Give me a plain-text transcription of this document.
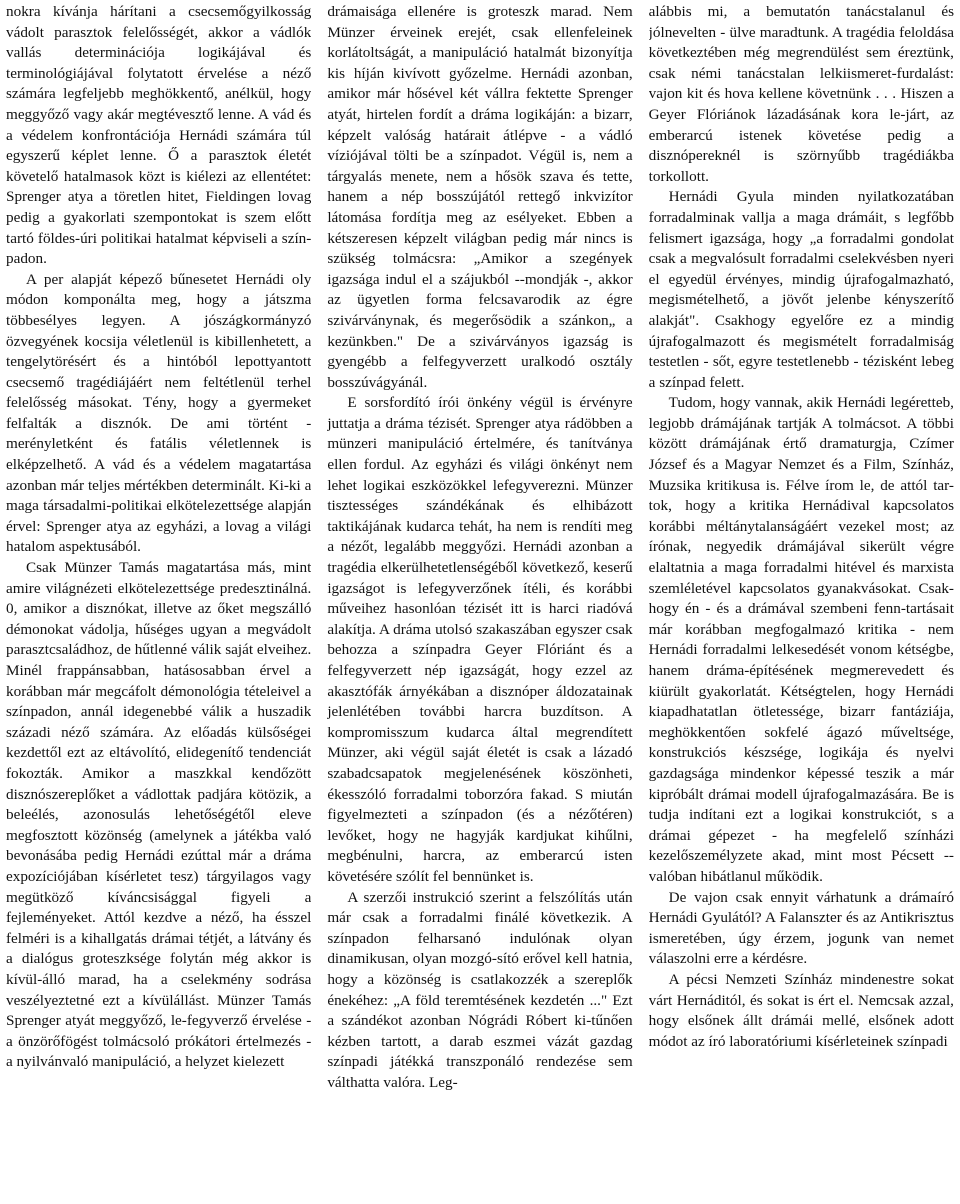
nokra kívánja hárítani a csecsemőgyilkosság vádolt parasztok felelősségét, akkor a vádlók vallás determinációja logikájával és terminológiájával folytatott érvelése a néző számára legfeljebb meghökkentő, anélkül, hogy meggyőző vagy akár megtévesztő lenne. A vád és a védelem konfrontációja Hernádi számára túl egyszerű képlet lenne. Ő a parasztok életét követelő hatalmasok közt is kiélezi az ellentétet: Sprenger atya a töretlen hitet, Fieldingen lovag pedig a gyakorlati szempontokat is szem előtt tartó földes-úri politikai hatalmat képviseli a szín-padon.

A per alapját képező bűnesetet Hernádi oly módon komponálta meg, hogy a játszma többesélyes legyen. A jószágkormányzó özvegyének kocsija véletlenül is kibillenhetett, a tengelytörésért és a hintóból lepottyantott csecsemő tragédiájáért nem feltétlenül terhel felelősség másokat. Tény, hogy a gyermeket felfalták a disznók. De ami történt - merényletként és fatális véletlennek is elképzelhető. A vád és a védelem magatartása azonban már teljes mértékben determinált. Ki-ki a maga társadalmi-politikai elkötelezettsége alapján érvel: Sprenger atya az egyházi, a lovag a világi hatalom aspektusából.

Csak Münzer Tamás magatartása más, mint amire világnézeti elkötelezettsége predesztinálná. 0, amikor a disznókat, illetve az őket megszálló démonokat vádolja, hűséges ugyan a megvádolt parasztcsaládhoz, de hűtlenné válik saját elveihez. Minél frappánsabban, hatásosabban érvel a korábban már megcáfolt démonológia tételeivel a színpadon, annál idegenebbé válik a huszadik századi néző számára. Az előadás külsőségei kezdettől ezt az eltávolító, elidegenítő tendenciát fokozták. Amikor a maszkkal kendőzött disznószereplőket a vádlottak padjára kötözik, a beleélés, azonosulás lehetőségétől eleve megfosztott közönség (amelynek a játékba való bevonásába pedig Hernádi ezúttal már a dráma expozíciójában kísérletet tesz) tárgyilagos vagy megütköző kíváncsisággal figyeli a fejleményeket. Attól kezdve a néző, ha ésszel felméri is a kihallgatás drámai tétjét, a látvány és a dialógus groteszksége folytán még akkor is kívül-álló marad, ha a cselekmény sodrása veszélyeztetné ezt a kívülállást. Münzer Tamás Sprenger atyát meggyőző, le-fegyverző érvelése - a önzörőfögést tolmácsoló prókátori értelmezés - a nyilvánvaló manipuláció, a helyzet kielezett

drámaisága ellenére is groteszk marad. Nem Münzer érveinek erejét, csak ellenfeleinek korlátoltságát, a manipuláció hatalmát bizonyítja kis híján kivívott győzelme. Hernádi azonban, amikor már hősével két vállra fektette Sprenger atyát, hirtelen fordít a dráma logikáján: a bizarr, képzelt valóság határait átlépve - a vádló víziójával tölti be a színpadot. Végül is, nem a tárgyalás menete, nem a hősök szava és tette, hanem a nép bosszújától rettegő inkvizítor látomása fordítja meg az esélyeket. Ebben a kétszeresen képzelt világban pedig már nincs is szükség tolmácsra: „Amikor a szegények igazsága indul el a szájukból --mondják -, akkor az ügyetlen forma felcsavarodik az égre szivárványnak, és megerősödik a szánkon„ a kezünkben." De a szivárványos igazság is gyengébb a felfegyverzett uralkodó osztály bosszúvágyánál.

E sorsfordító írói önkény végül is érvényre juttatja a dráma tézisét. Sprenger atya rádöbben a münzeri manipuláció értelmére, és tanítványa ellen fordul. Az egyházi és világi önkényt nem lehet logikai eszközökkel lefegyverezni. Münzer tisztességes szándékának és elhibázott taktikájának kudarca tehát, ha nem is rendíti meg a nézőt, legalább meggyőzi. Hernádi azonban a tragédia elkerülhetetlenségéből következő, keserű igazságot is lefegyverzőnek ítéli, és korábbi műveihez hasonlóan tézisét itt is harci riadóvá alakítja. A dráma utolsó szakaszában egyszer csak behozza a színpadra Geyer Flóriánt és a felfegyverzett nép igazságát, hogy ezzel az akasztófák árnyékában a disznóper áldozatainak jelenlétében további harcra buzdítson. A kompromisszum kudarca által megrendített Münzer, aki végül saját életét is csak a lázadó szabadcsapatok megjelenésének köszönheti, ékesszóló forradalmi toborzóra fakad. S miután figyelmezteti a színpadon (és a nézőtéren) levőket, hogy ne hagyják kardjukat kihűlni, megbénulni, harcra, az emberarcú isten követésére szólít fel bennünket is.

A szerzői instrukció szerint a felszólítás után már csak a forradalmi finálé következik. A színpadon felharsanó indulónak olyan dinamikusan, olyan mozgó-sító erővel kell hatnia, hogy a közönség is csatlakozzék a szereplők énekéhez: „A föld teremtésének kezdetén ..." Ezt a szándékot azonban Nógrádi Róbert ki-tűnően kézben tartott, a darab eszmei vázát gazdag színpadi játékká transzponáló rendezése sem válthatta valóra. Leg-

alábbis mi, a bemutatón tanácstalanul és jólnevelten - ülve maradtunk. A tragédia feloldása következtében még megrendülést sem éreztünk, csak némi tanácstalan lelkiismeret-furdalást: vajon kit és hova kellene követnünk . . . Hiszen a Geyer Flóriánok lázadásának kora le-járt, az emberarcú istenek követése pedig a disznópereknél is szörnyűbb tragédiákba torkollott.

Hernádi Gyula minden nyilatkozatában forradalminak vallja a maga drámáit, s legfőbb felismert igazsága, hogy „a forradalmi gondolat csak a megvalósult forradalmi cselekvésben nyeri el egyedül érvényes, mindig újrafogalmazható, megismételhető, a jövőt jelenbe kényszerítő alakját". Csakhogy egyelőre ez a mindig újrafogalmazott és megismételt forradalmiság testetlen - sőt, egyre testetlenebb - tézisként lebeg a színpad felett.

Tudom, hogy vannak, akik Hernádi legéretteb, legjobb drámájának tartják A tolmácsot. A többi között drámájának értő dramaturgja, Czímer József és a Magyar Nemzet és a Film, Színház, Muzsika kritikusa is. Félve írom le, de attól tar-tok, hogy a kritika Hernádival kapcsolatos korábbi méltánytalanságáért vezekel most; az írónak, negyedik drámájával sikerült végre elaltatnia a maga forradalmi hitével és marxista szemléletével kapcsolatos gyanakvásokat. Csak-hogy én - és a drámával szembeni fenn-tartásait már korábban megfogalmazó kritika - nem Hernádi forradalmi lelkesedését vonom kétségbe, hanem dráma-építésének megmerevedett és kiürült gyakorlatát. Kétségtelen, hogy Hernádi kiapadhatatlan ötletessége, bizarr fantáziája, meghökkentően sokfelé ágazó műveltsége, konstrukciós készsége, logikája és nyelvi gazdagsága mindenkor képessé teszik a már kipróbált drámai modell újrafogalmazására. Be is tudja indítani ezt a logikai konstrukciót, s a drámai gépezet - ha megfelelő színházi kezelőszemélyzete akad, mint most Pécsett -- valóban hibátlanul működik.

De vajon csak ennyit várhatunk a drámaíró Hernádi Gyulától? A Falanszter és az Antikrisztus ismeretében, úgy érzem, jogunk van nemet válaszolni erre a kérdésre.

A pécsi Nemzeti Színház mindenestre sokat várt Hernáditól, és sokat is ért el. Nemcsak azzal, hogy elsőnek állt drámái mellé, elsőnek adott módot az író laboratóriumi kísérleteinek színpadi
